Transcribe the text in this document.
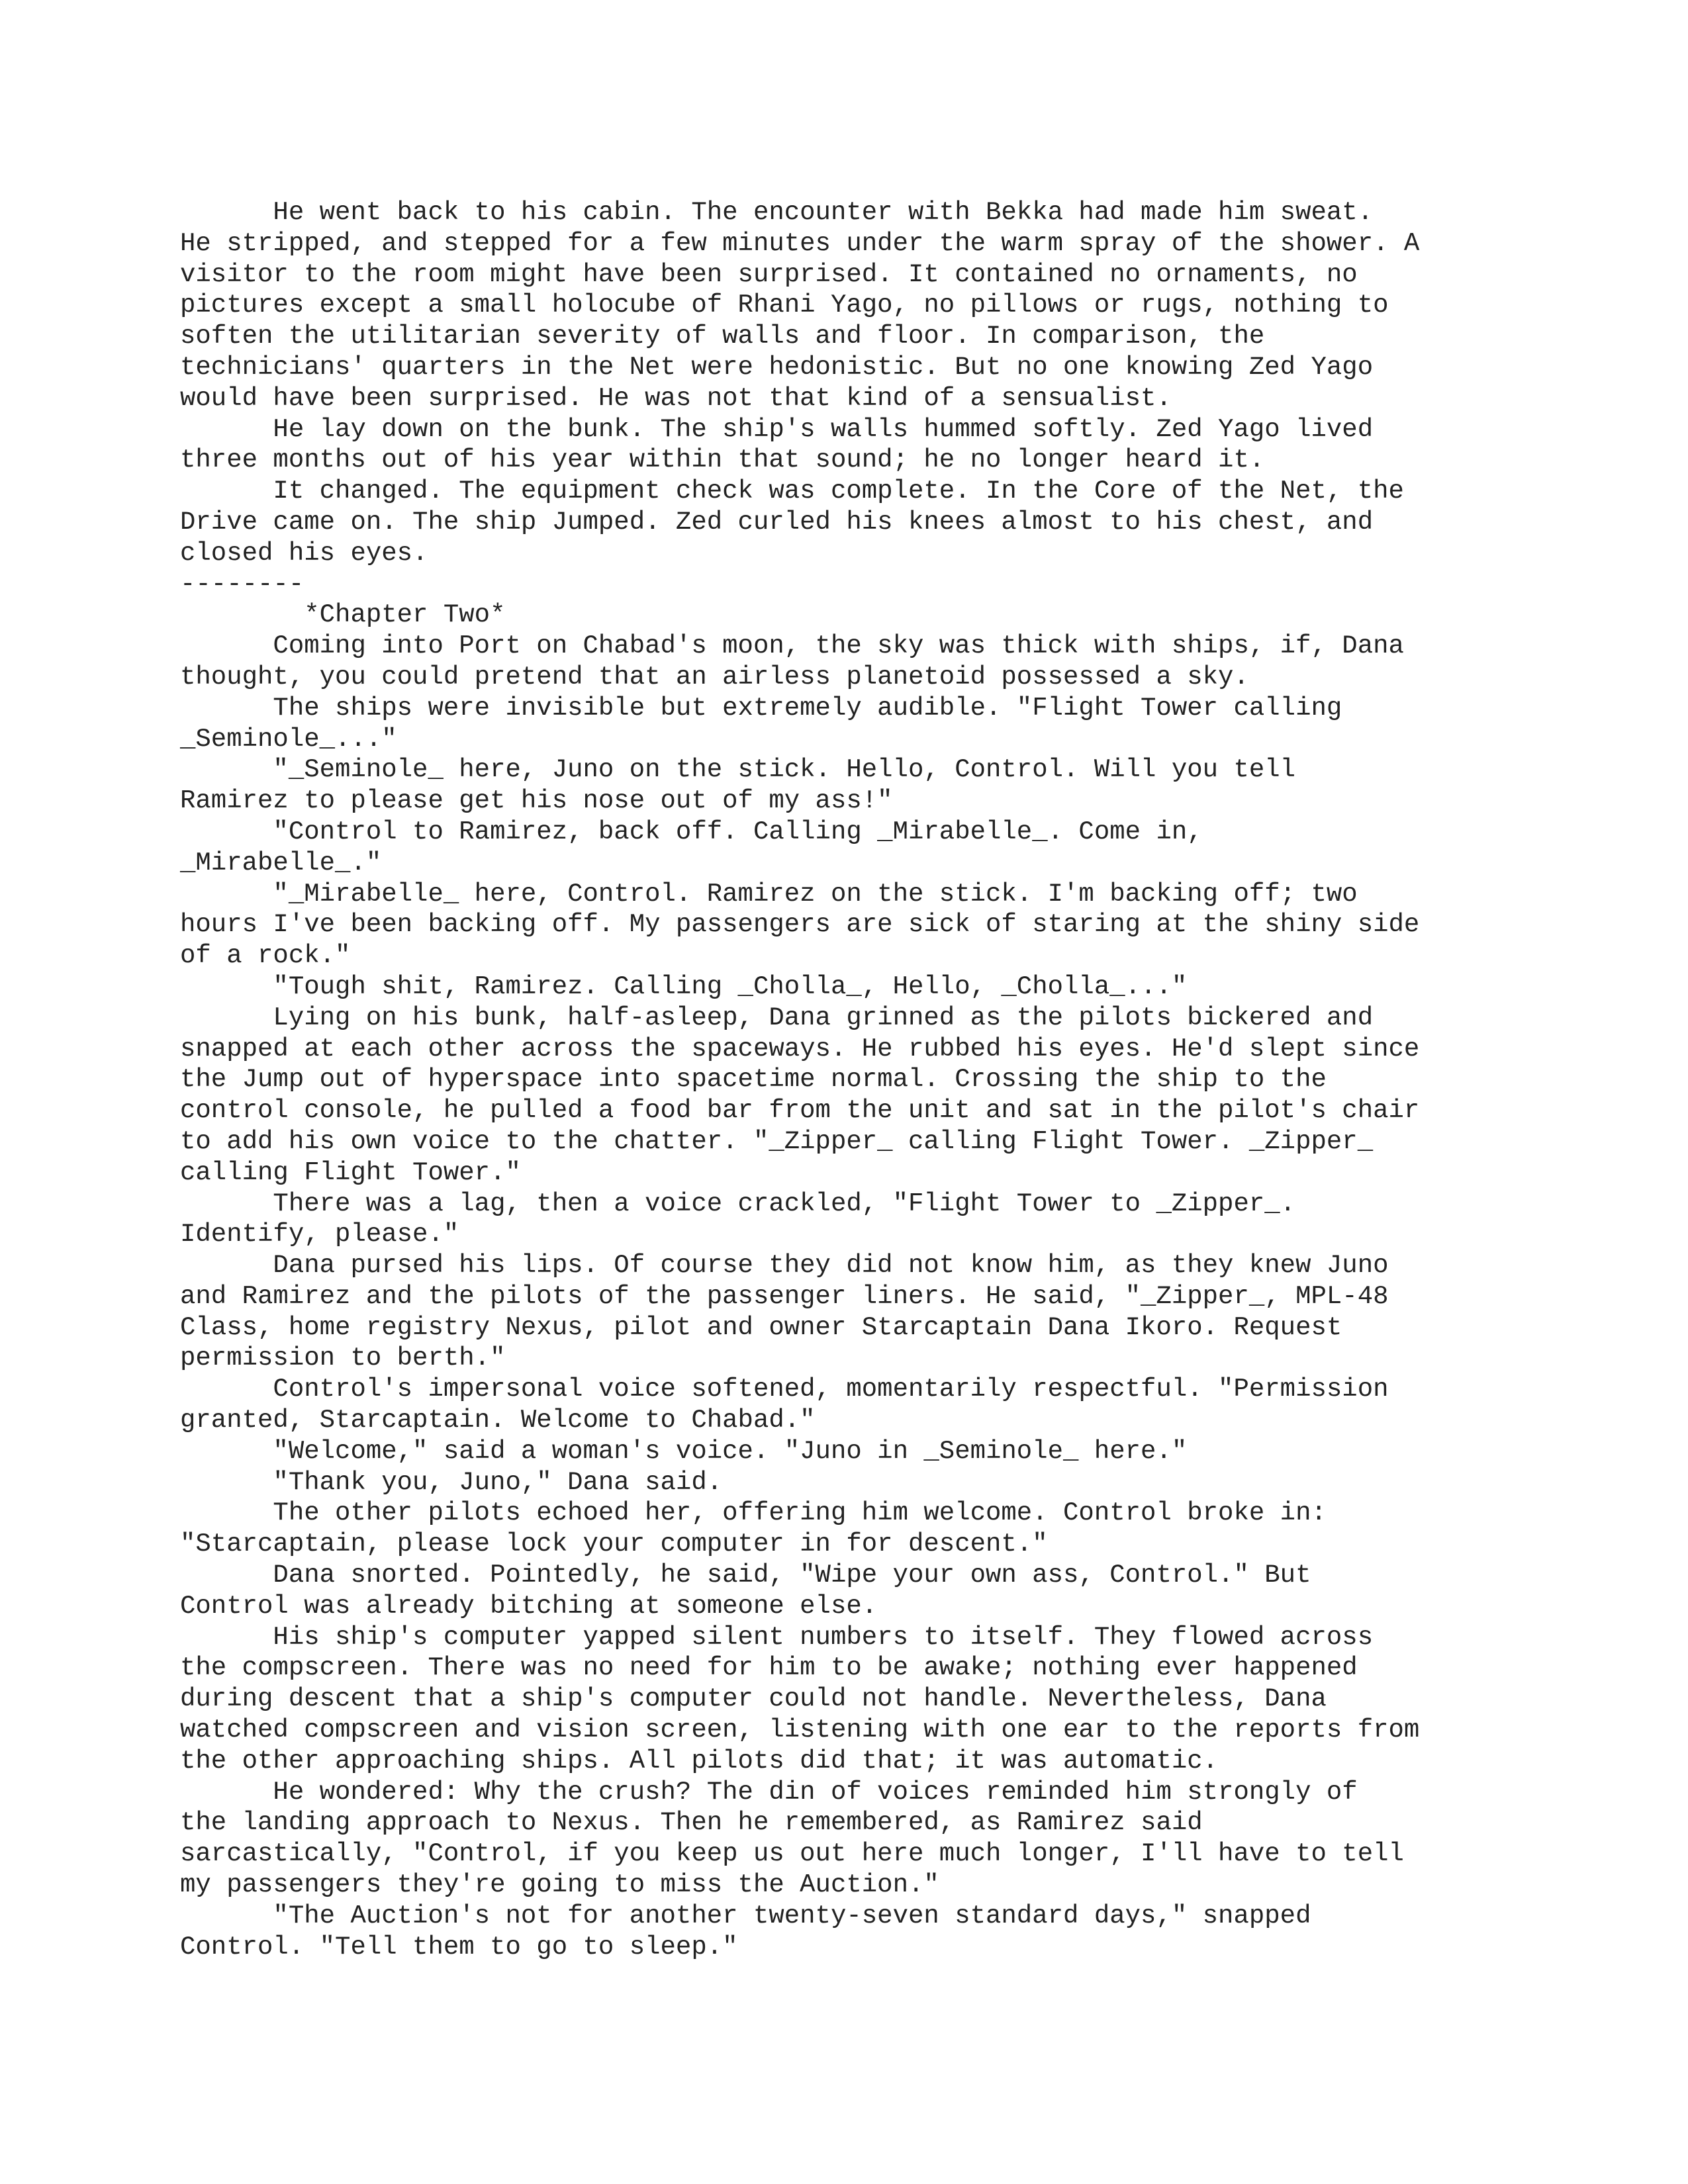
He went back to his cabin. The encounter with Bekka had made him sweat.
He stripped, and stepped for a few minutes under the warm spray of the shower. A
visitor to the room might have been surprised. It contained no ornaments, no
pictures except a small holocube of Rhani Yago, no pillows or rugs, nothing to
soften the utilitarian severity of walls and floor. In comparison, the
technicians' quarters in the Net were hedonistic. But no one knowing Zed Yago
would have been surprised. He was not that kind of a sensualist.
He lay down on the bunk. The ship's walls hummed softly. Zed Yago lived
three months out of his year within that sound; he no longer heard it.
It changed. The equipment check was complete. In the Core of the Net, the
Drive came on. The ship Jumped. Zed curled his knees almost to his chest, and
closed his eyes.
--------
*Chapter Two*
Coming into Port on Chabad's moon, the sky was thick with ships, if, Dana
thought, you could pretend that an airless planetoid possessed a sky.
The ships were invisible but extremely audible. "Flight Tower calling
_Seminole_..."
"_Seminole_ here, Juno on the stick. Hello, Control. Will you tell
Ramirez to please get his nose out of my ass!"
"Control to Ramirez, back off. Calling _Mirabelle_. Come in,
_Mirabelle_."
"_Mirabelle_ here, Control. Ramirez on the stick. I'm backing off; two
hours I've been backing off. My passengers are sick of staring at the shiny side
of a rock."
"Tough shit, Ramirez. Calling _Cholla_, Hello, _Cholla_..."
Lying on his bunk, half-asleep, Dana grinned as the pilots bickered and
snapped at each other across the spaceways. He rubbed his eyes. He'd slept since
the Jump out of hyperspace into spacetime normal. Crossing the ship to the
control console, he pulled a food bar from the unit and sat in the pilot's chair
to add his own voice to the chatter. "_Zipper_ calling Flight Tower. _Zipper_
calling Flight Tower."
There was a lag, then a voice crackled, "Flight Tower to _Zipper_.
Identify, please."
Dana pursed his lips. Of course they did not know him, as they knew Juno
and Ramirez and the pilots of the passenger liners. He said, "_Zipper_, MPL-48
Class, home registry Nexus, pilot and owner Starcaptain Dana Ikoro. Request
permission to berth."
Control's impersonal voice softened, momentarily respectful. "Permission
granted, Starcaptain. Welcome to Chabad."
"Welcome," said a woman's voice. "Juno in _Seminole_ here."
"Thank you, Juno," Dana said.
The other pilots echoed her, offering him welcome. Control broke in:
"Starcaptain, please lock your computer in for descent."
Dana snorted. Pointedly, he said, "Wipe your own ass, Control." But
Control was already bitching at someone else.
His ship's computer yapped silent numbers to itself. They flowed across
the compscreen. There was no need for him to be awake; nothing ever happened
during descent that a ship's computer could not handle. Nevertheless, Dana
watched compscreen and vision screen, listening with one ear to the reports from
the other approaching ships. All pilots did that; it was automatic.
He wondered: Why the crush? The din of voices reminded him strongly of
the landing approach to Nexus. Then he remembered, as Ramirez said
sarcastically, "Control, if you keep us out here much longer, I'll have to tell
my passengers they're going to miss the Auction."
"The Auction's not for another twenty-seven standard days," snapped
Control. "Tell them to go to sleep."
